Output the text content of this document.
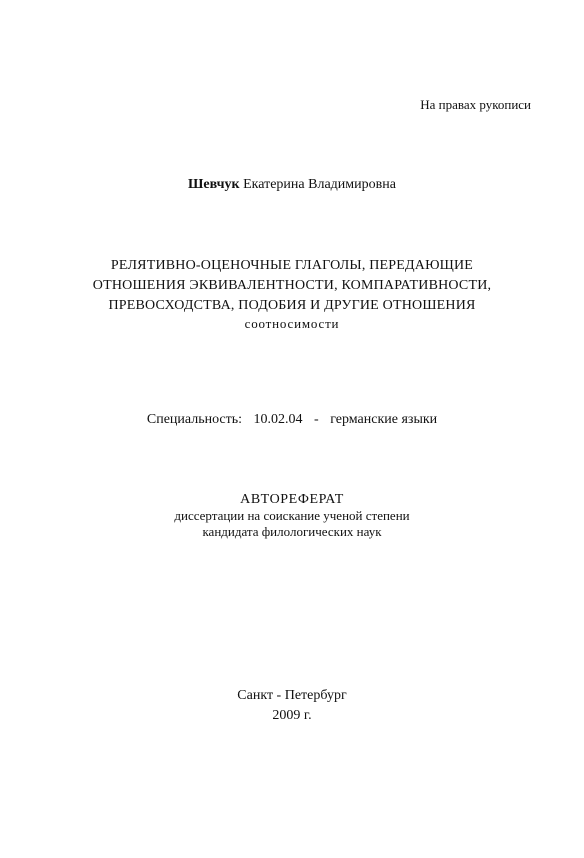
На правах рукописи
Шевчук Екатерина Владимировна
РЕЛЯТИВНО-ОЦЕНОЧНЫЕ ГЛАГОЛЫ, ПЕРЕДАЮЩИЕ
ОТНОШЕНИЯ ЭКВИВАЛЕНТНОСТИ, КОМПАРАТИВНОСТИ,
ПРЕВОСХОДСТВА, ПОДОБИЯ И ДРУГИЕ ОТНОШЕНИЯ
соотносимости
Специальность: 10.02.04 - германские языки
АВТОРЕФЕРАТ
диссертации на соискание ученой степени
кандидата филологических наук
Санкт - Петербург
2009 г.
